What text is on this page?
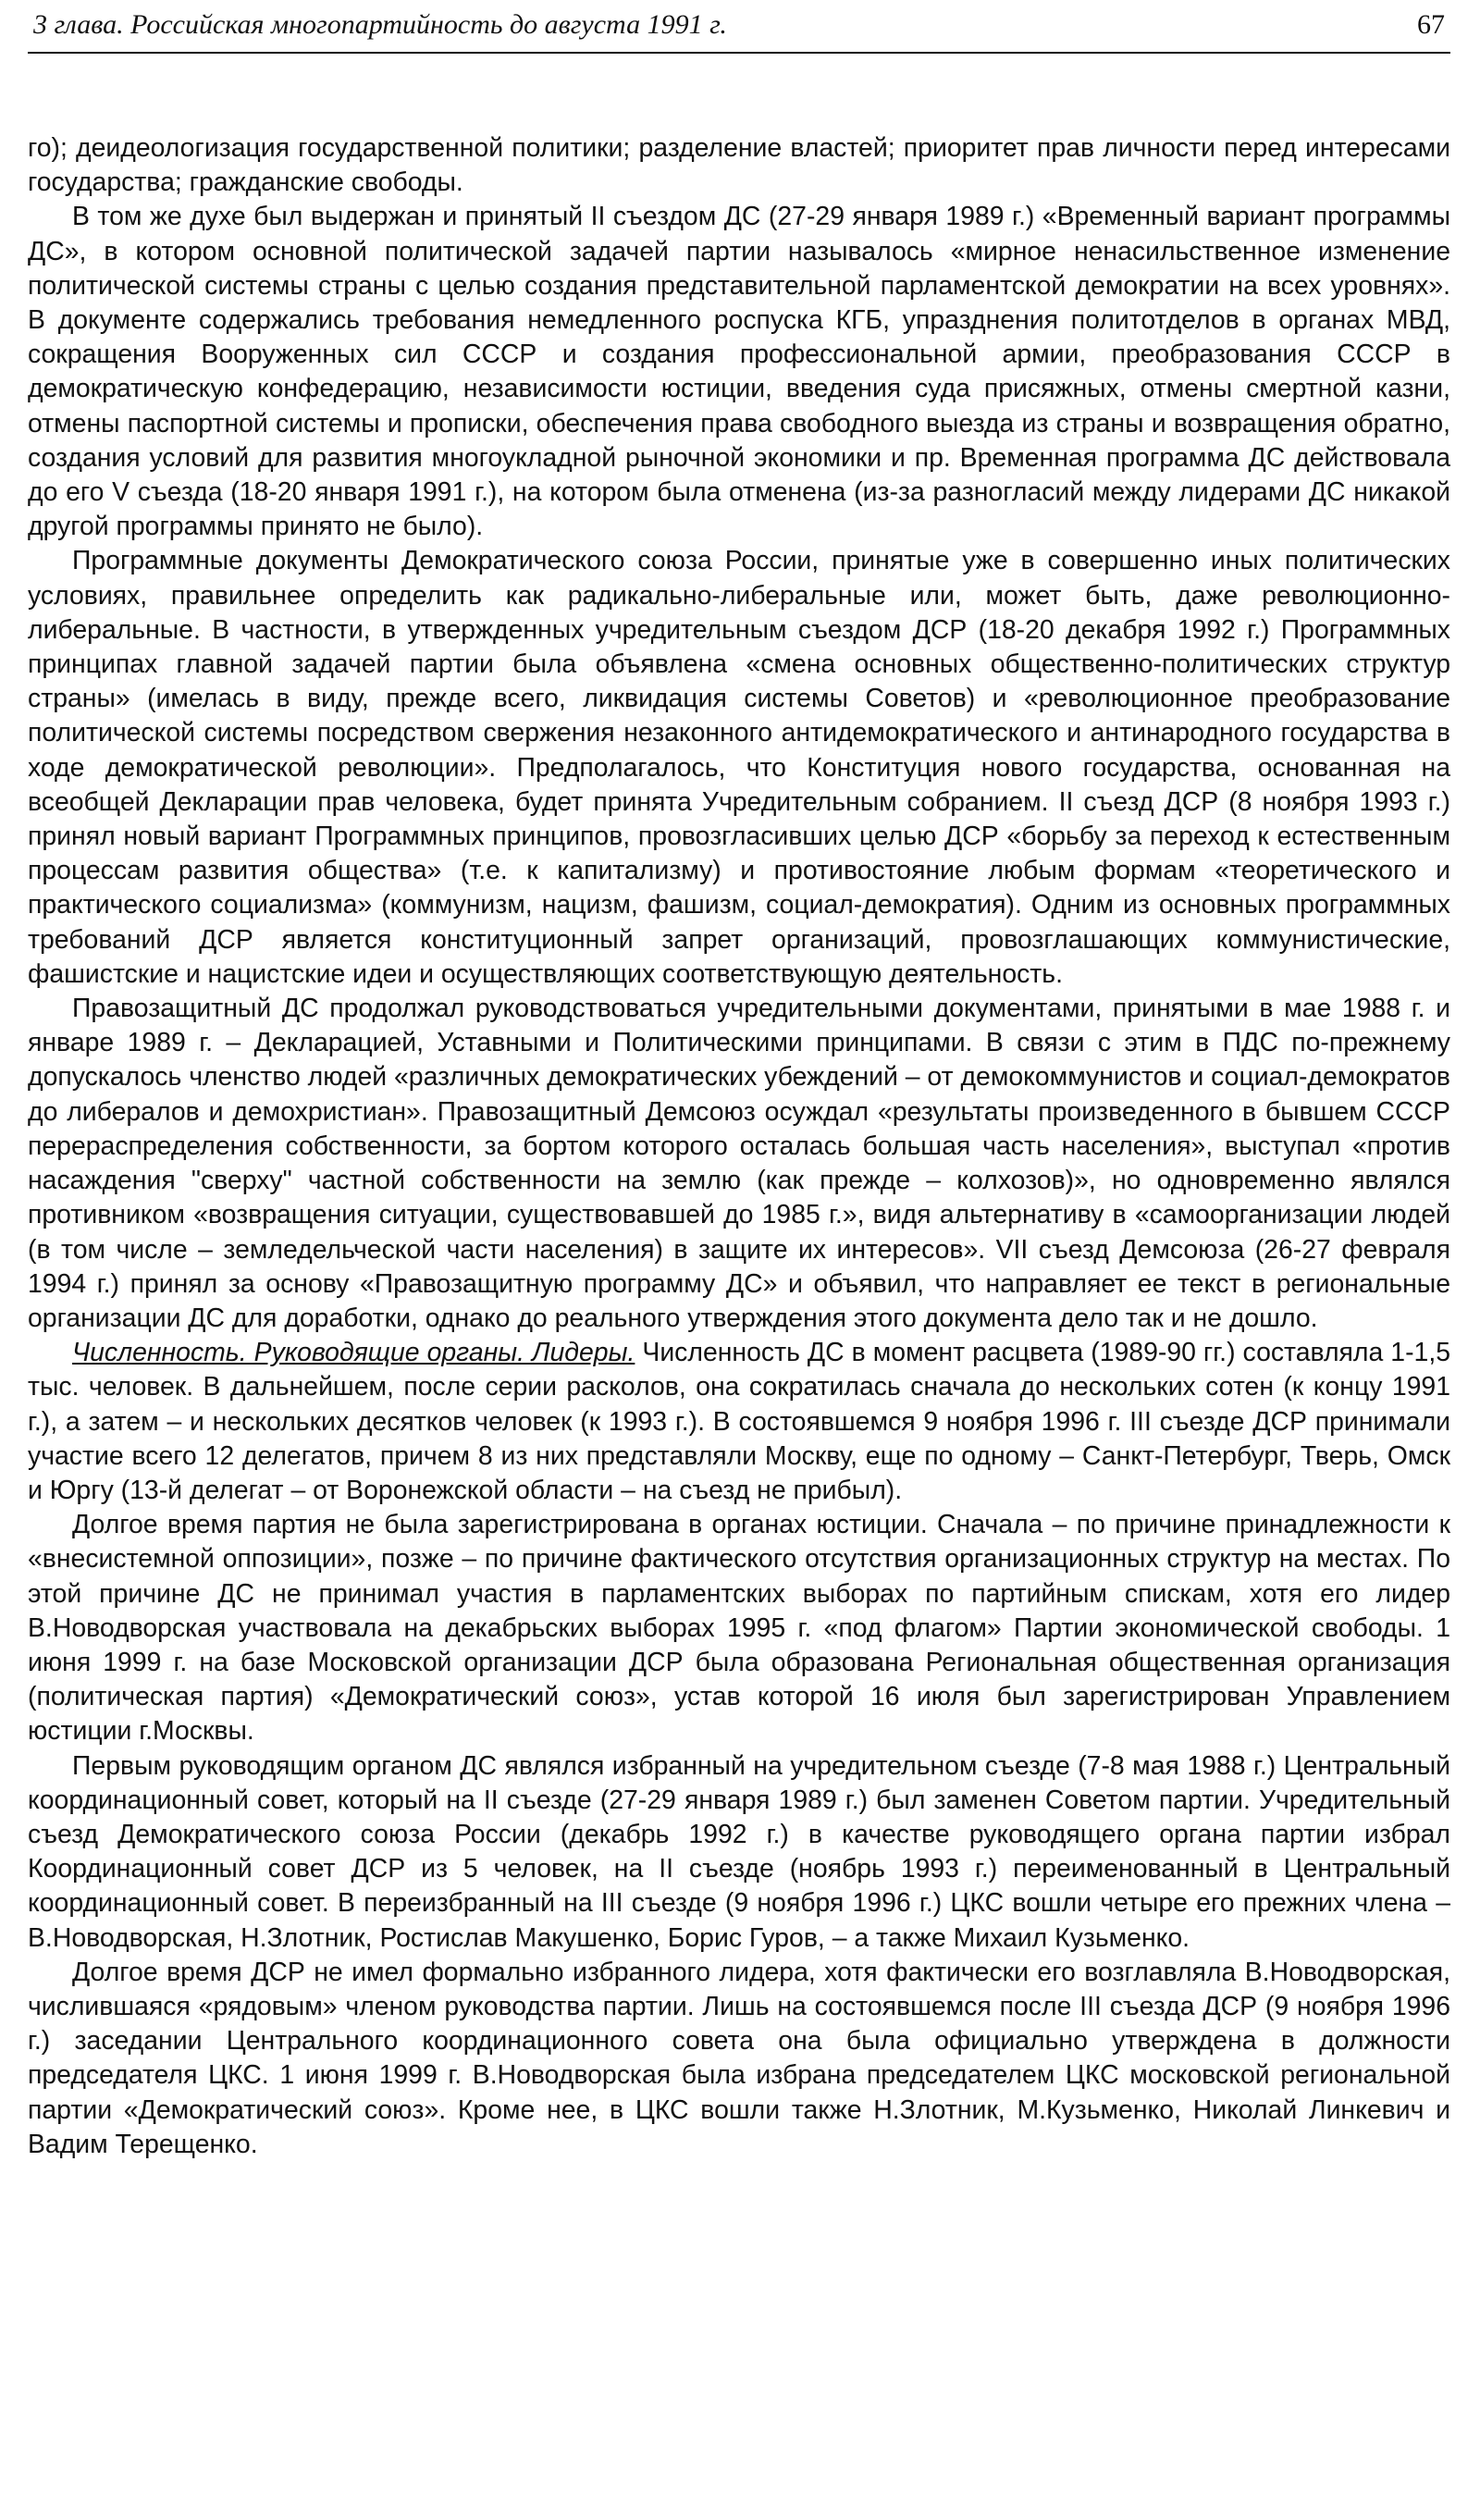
3 глава. Российская многопартийность до августа 1991 г.	67

го); деидеологизация государственной политики; разделение властей; приоритет прав личности перед интересами государства; гражданские свободы.

В том же духе был выдержан и принятый II съездом ДС (27-29 января 1989 г.) «Временный вариант программы ДС», в котором основной политической задачей партии называлось «мирное ненасильственное изменение политической системы страны с целью создания представительной парламентской демократии на всех уровнях». В документе содержались требования немедленного роспуска КГБ, упразднения политотделов в органах МВД, сокращения Вооруженных сил СССР и создания профессиональной армии, преобразования СССР в демократическую конфедерацию, независимости юстиции, введения суда присяжных, отмены смертной казни, отмены паспортной системы и прописки, обеспечения права свободного выезда из страны и возвращения обратно, создания условий для развития многоукладной рыночной экономики и пр. Временная программа ДС действовала до его V съезда (18-20 января 1991 г.), на котором была отменена (из-за разногласий между лидерами ДС никакой другой программы принято не было).

Программные документы Демократического союза России, принятые уже в совершенно иных политических условиях, правильнее определить как радикально-либеральные или, может быть, даже революционно-либеральные. В частности, в утвержденных учредительным съездом ДСР (18-20 декабря 1992 г.) Программных принципах главной задачей партии была объявлена «смена основных общественно-политических структур страны» (имелась в виду, прежде всего, ликвидация системы Советов) и «революционное преобразование политической системы посредством свержения незаконного антидемократического и антинародного государства в ходе демократической революции». Предполагалось, что Конституция нового государства, основанная на всеобщей Декларации прав человека, будет принята Учредительным собранием. II съезд ДСР (8 ноября 1993 г.) принял новый вариант Программных принципов, провозгласивших целью ДСР «борьбу за переход к естественным процессам развития общества» (т.е. к капитализму) и противостояние любым формам «теоретического и практического социализма» (коммунизм, нацизм, фашизм, социал-демократия). Одним из основных программных требований ДСР является конституционный запрет организаций, провозглашающих коммунистические, фашистские и нацистские идеи и осуществляющих соответствующую деятельность.

Правозащитный ДС продолжал руководствоваться учредительными документами, принятыми в мае 1988 г. и январе 1989 г. – Декларацией, Уставными и Политическими принципами. В связи с этим в ПДС по-прежнему допускалось членство людей «различных демократических убеждений – от демокоммунистов и социал-демократов до либералов и демохристиан». Правозащитный Демсоюз осуждал «результаты произведенного в бывшем СССР перераспределения собственности, за бортом которого осталась большая часть населения», выступал «против насаждения "сверху" частной собственности на землю (как прежде – колхозов)», но одновременно являлся противником «возвращения ситуации, существовавшей до 1985 г.», видя альтернативу в «самоорганизации людей (в том числе – земледельческой части населения) в защите их интересов». VII съезд Демсоюза (26-27 февраля 1994 г.) принял за основу «Правозащитную программу ДС» и объявил, что направляет ее текст в региональные организации ДС для доработки, однако до реального утверждения этого документа дело так и не дошло.

Численность. Руководящие органы. Лидеры. Численность ДС в момент расцвета (1989-90 гг.) составляла 1-1,5 тыс. человек. В дальнейшем, после серии расколов, она сократилась сначала до нескольких сотен (к концу 1991 г.), а затем – и нескольких десятков человек (к 1993 г.). В состоявшемся 9 ноября 1996 г. III съезде ДСР принимали участие всего 12 делегатов, причем 8 из них представляли Москву, еще по одному – Санкт-Петербург, Тверь, Омск и Юргу (13-й делегат – от Воронежской области – на съезд не прибыл).

Долгое время партия не была зарегистрирована в органах юстиции. Сначала – по причине принадлежности к «внесистемной оппозиции», позже – по причине фактического отсутствия организационных структур на местах. По этой причине ДС не принимал участия в парламентских выборах по партийным спискам, хотя его лидер В.Новодворская участвовала на декабрьских выборах 1995 г. «под флагом» Партии экономической свободы. 1 июня 1999 г. на базе Московской организации ДСР была образована Региональная общественная организация (политическая партия) «Демократический союз», устав которой 16 июля был зарегистрирован Управлением юстиции г.Москвы.

Первым руководящим органом ДС являлся избранный на учредительном съезде (7-8 мая 1988 г.) Центральный координационный совет, который на II съезде (27-29 января 1989 г.) был заменен Советом партии. Учредительный съезд Демократического союза России (декабрь 1992 г.) в качестве руководящего органа партии избрал Координационный совет ДСР из 5 человек, на II съезде (ноябрь 1993 г.) переименованный в Центральный координационный совет. В переизбранный на III съезде (9 ноября 1996 г.) ЦКС вошли четыре его прежних члена – В.Новодворская, Н.Злотник, Ростислав Макушенко, Борис Гуров, – а также Михаил Кузьменко.

Долгое время ДСР не имел формально избранного лидера, хотя фактически его возглавляла В.Новодворская, числившаяся «рядовым» членом руководства партии. Лишь на состоявшемся после III съезда ДСР (9 ноября 1996 г.) заседании Центрального координационного совета она была официально утверждена в должности председателя ЦКС. 1 июня 1999 г. В.Новодворская была избрана председателем ЦКС московской региональной партии «Демократический союз». Кроме нее, в ЦКС вошли также Н.Злотник, М.Кузьменко, Николай Линкевич и Вадим Терещенко.
